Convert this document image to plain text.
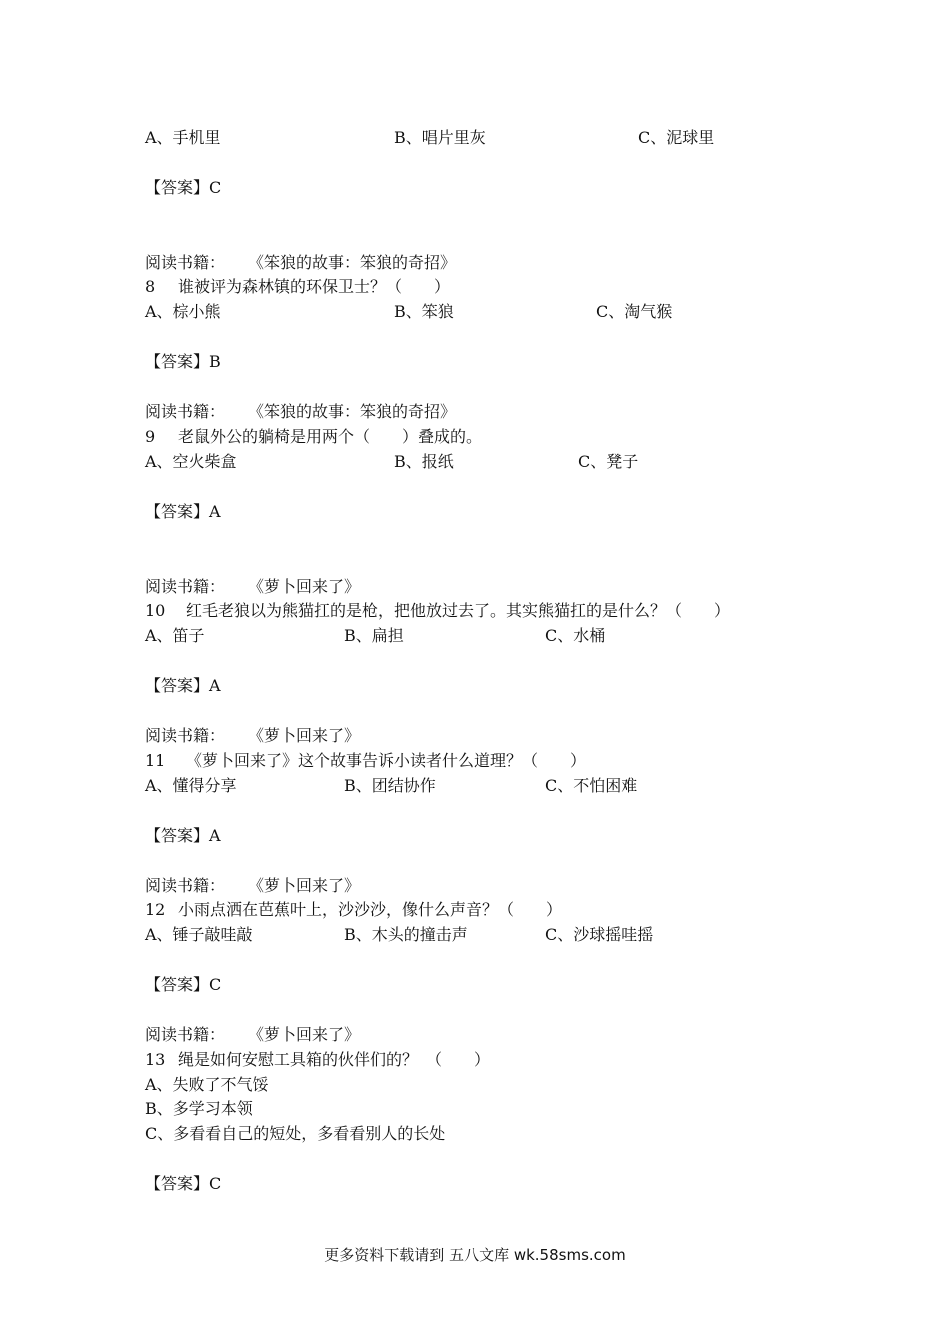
A、手机里	B、唱片里灰	C、泥球里
【答案】C
阅读书籍： 《笨狼的故事：笨狼的奇招》
8 谁被评为森林镇的环保卫士？（　　）
A、棕小熊	B、笨狼	C、淘气猴
【答案】B
阅读书籍： 《笨狼的故事：笨狼的奇招》
9 老鼠外公的躺椅是用两个（　　）叠成的。
A、空火柴盒	B、报纸	C、凳子
【答案】A
阅读书籍： 《萝卜回来了》
10 红毛老狼以为熊猫扛的是枪，把他放过去了。其实熊猫扛的是什么？（　　）
A、笛子	B、扁担	C、水桶
【答案】A
阅读书籍： 《萝卜回来了》
11 《萝卜回来了》这个故事告诉小读者什么道理？（　　）
A、懂得分享	B、团结协作	C、不怕困难
【答案】A
阅读书籍： 《萝卜回来了》
12 小雨点洒在芭蕉叶上，沙沙沙，像什么声音？（　　）
A、锤子敲哇敲	B、木头的撞击声	C、沙球摇哇摇
【答案】C
阅读书籍： 《萝卜回来了》
13 绳是如何安慰工具箱的伙伴们的？　（　　）
A、失败了不气馁
B、多学习本领
C、多看看自己的短处，多看看别人的长处
【答案】C
更多资料下载请到 五八文库 wk.58sms.com
